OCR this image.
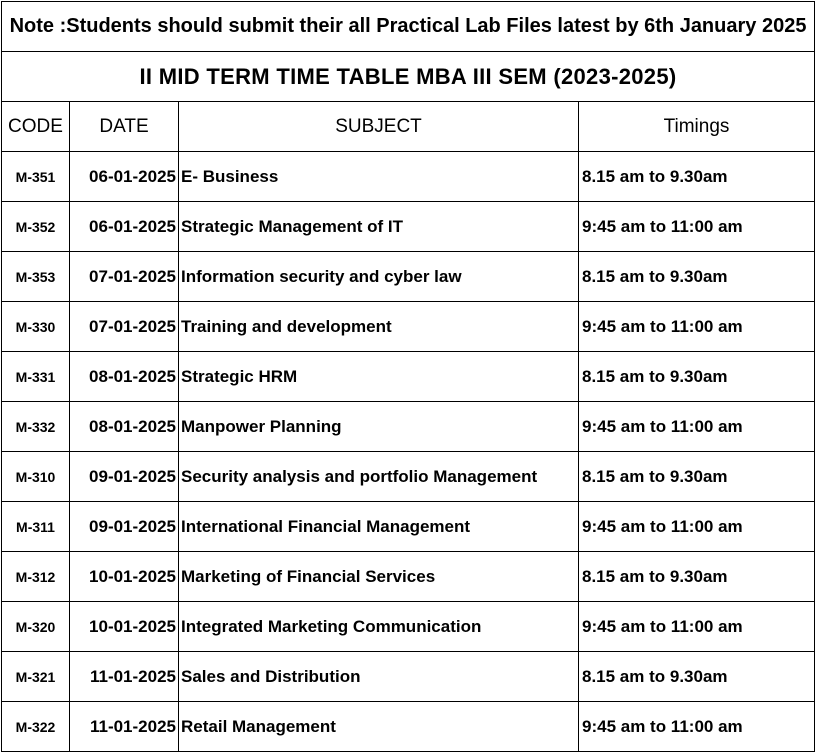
Note :Students should submit their all Practical Lab Files latest by 6th January 2025			
II MID TERM TIME TABLE MBA III SEM (2023-2025)			
CODE	DATE	SUBJECT	Timings
M-351	06-01-2025	E- Business	8.15 am to 9.30am
M-352	06-01-2025	Strategic Management of IT	9:45 am to 11:00 am
M-353	07-01-2025	Information security and cyber law	8.15 am to 9.30am
M-330	07-01-2025	Training and development	9:45 am to 11:00 am
M-331	08-01-2025	Strategic HRM	8.15 am to 9.30am
M-332	08-01-2025	Manpower Planning	9:45 am to 11:00 am
M-310	09-01-2025	Security analysis and portfolio Management	8.15 am to 9.30am
M-311	09-01-2025	International Financial Management	9:45 am to 11:00 am
M-312	10-01-2025	Marketing of Financial Services	8.15 am to 9.30am
M-320	10-01-2025	Integrated Marketing Communication	9:45 am to 11:00 am
M-321	11-01-2025	Sales and Distribution	8.15 am to 9.30am
M-322	11-01-2025	Retail Management	9:45 am to 11:00 am
